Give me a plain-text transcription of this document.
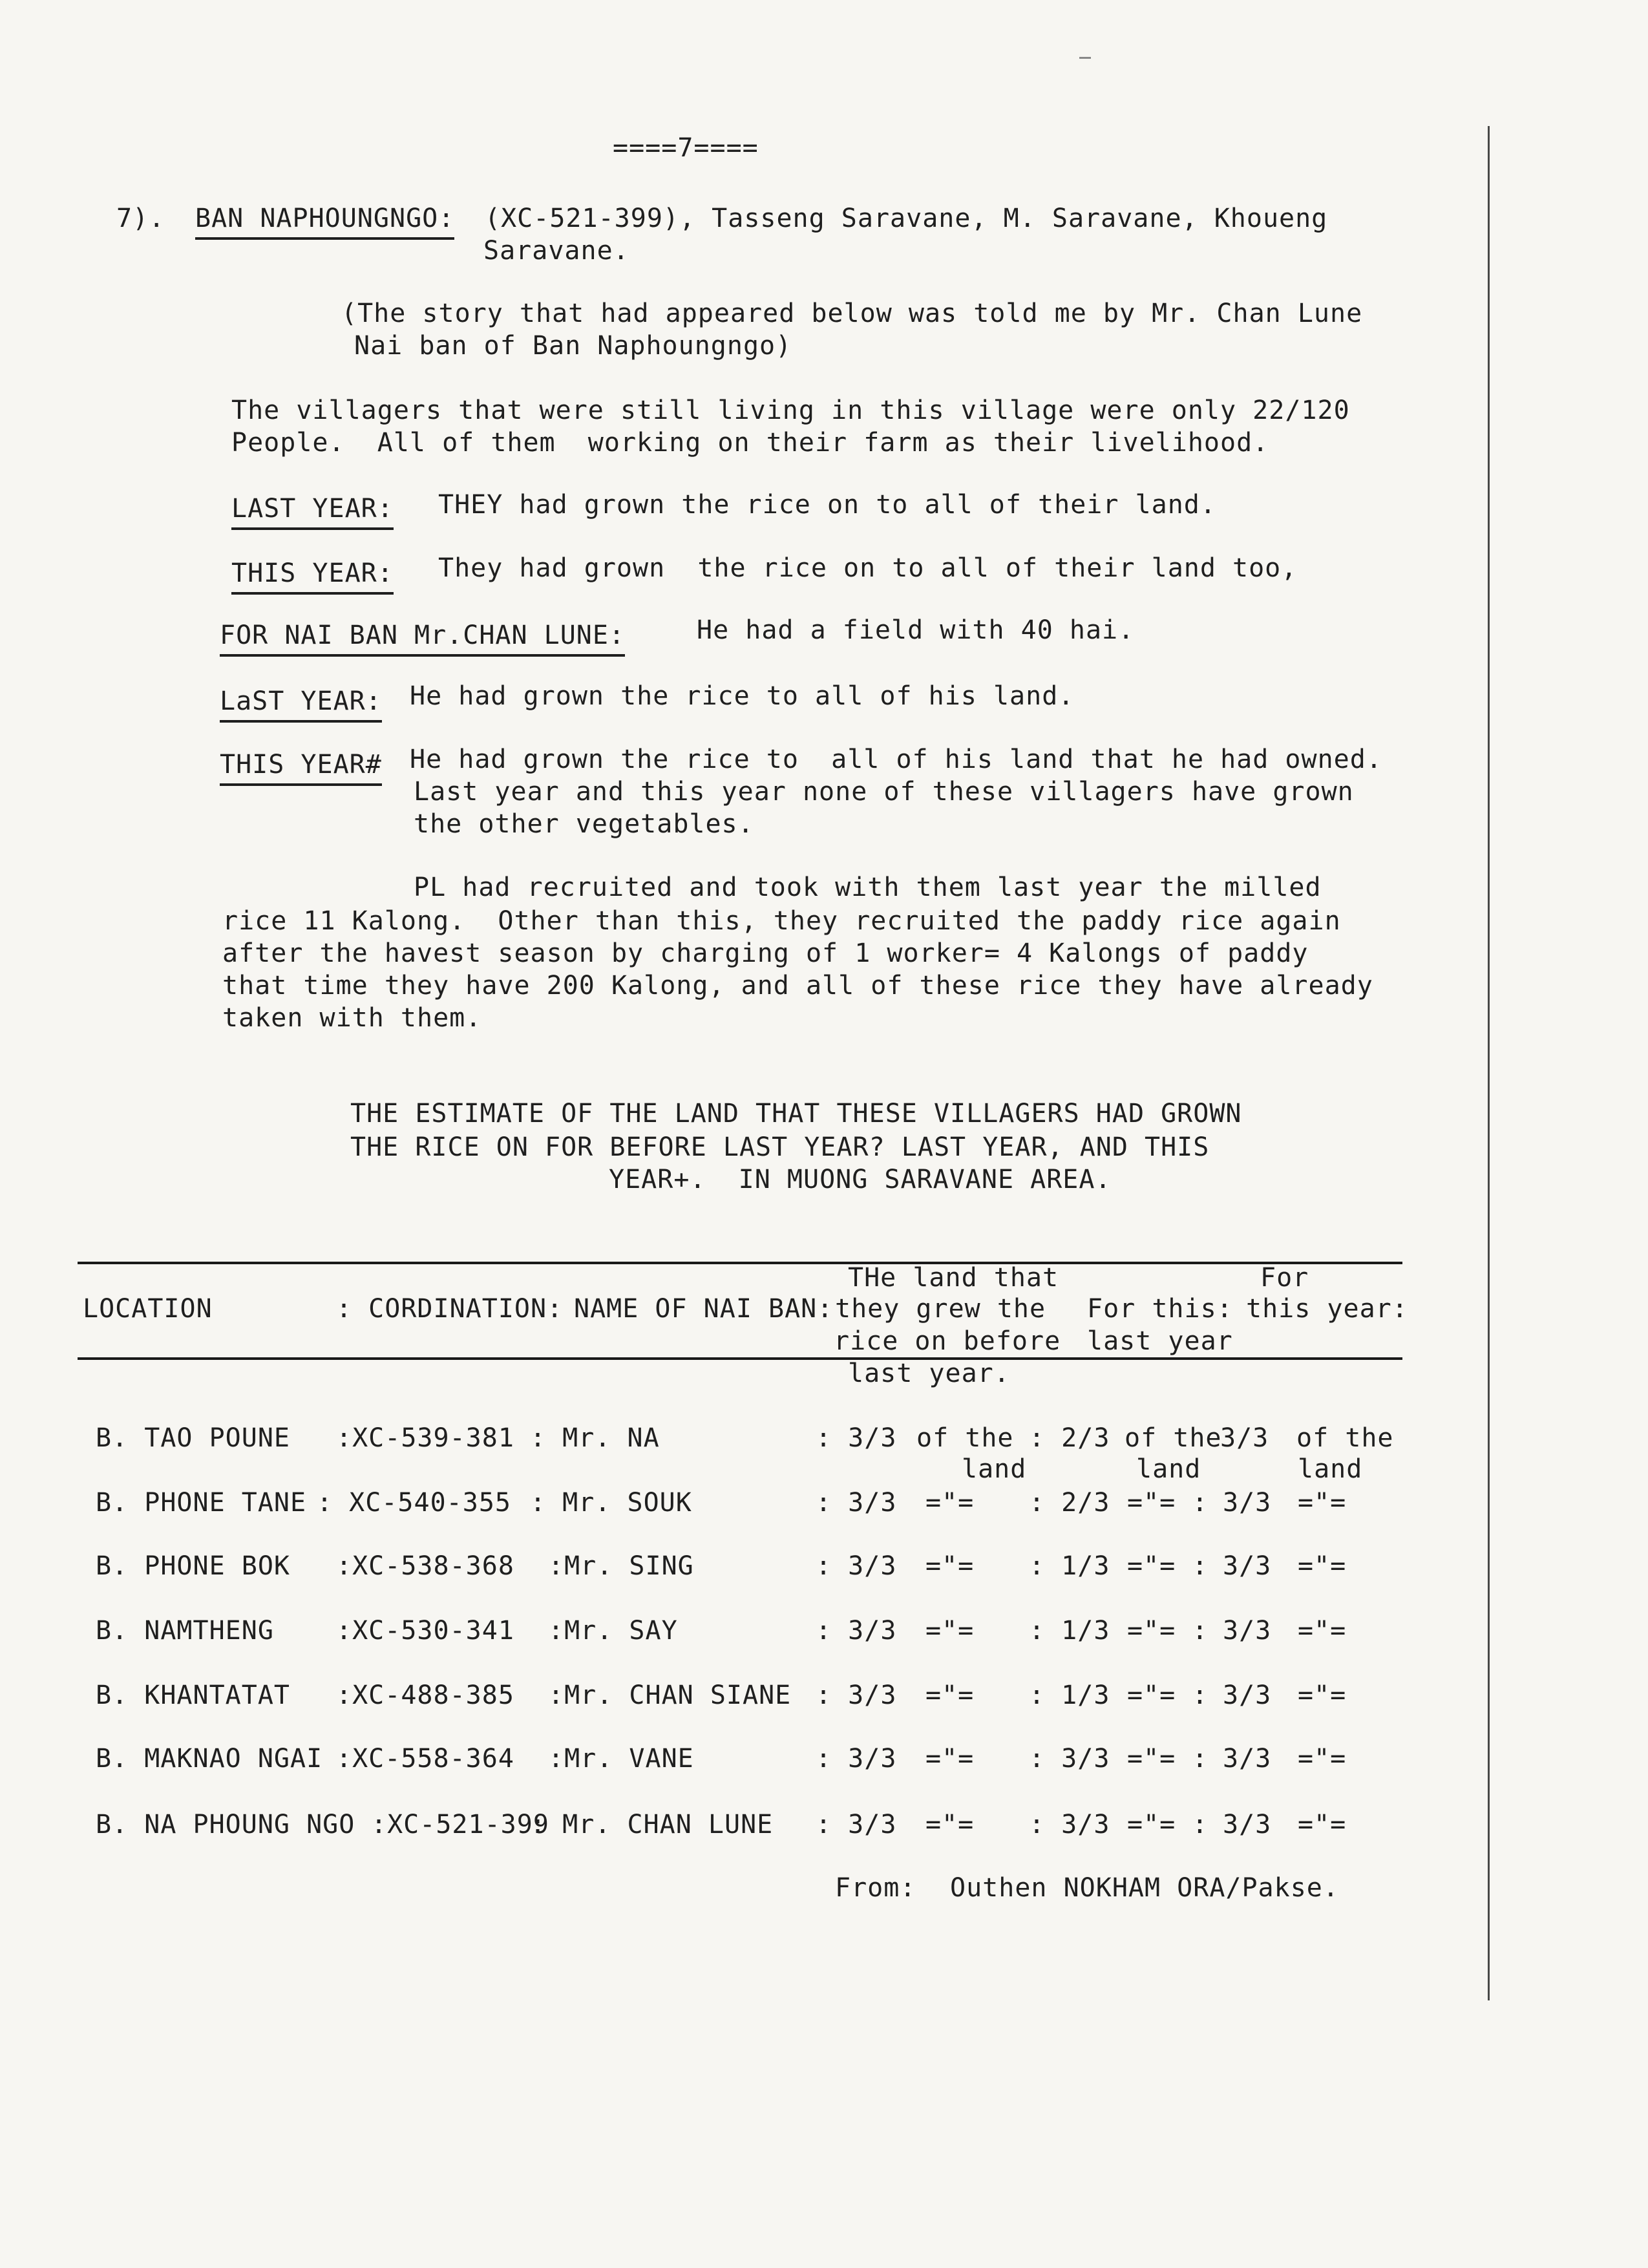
====7====
7). BAN NAPHOUNGNGO: (XC-521-399), Tasseng Saravane, M. Saravane, Khoueng
Saravane.
(The story that had appeared below was told me by Mr. Chan Lune
Nai ban of Ban Naphoungngo)
The villagers that were still living in this village were only 22/120
People.  All of them  working on their farm as their livelihood.
LAST YEAR: THEY had grown the rice on to all of their land.
THIS YEAR: They had grown  the rice on to all of their land too,
FOR NAI BAN Mr.CHAN LUNE:	He had a field with 40 hai.
LaST YEAR: He had grown the rice to all of his land.
THIS YEAR# He had grown the rice to  all of his land that he had owned.
Last year and this year none of these villagers have grown
the other vegetables.
PL had recruited and took with them last year the milled
rice 11 Kalong.  Other than this, they recruited the paddy rice again
after the havest season by charging of 1 worker= 4 Kalongs of paddy
that time they have 200 Kalong, and all of these rice they have already
taken with them.
THE ESTIMATE OF THE LAND THAT THESE VILLAGERS HAD GROWN
THE RICE ON FOR BEFORE LAST YEAR? LAST YEAR, AND THIS
YEAR+.  IN MUONG SARAVANE AREA.
LOCATION	: CORDINATION: NAME OF NAI BAN:
THe land that
they grew the
rice on before
last year.
For this:
last year
For
this year:
B. TAO POUNE :XC-539-381 : Mr. NA	: 3/3 of the : 2/3 of the
3/3 of the
land	land	land
B. PHONE TANE : XC-540-355 : Mr. SOUK	: 3/3 ="= : 2/3 ="= : 3/3 ="=
B. PHONE BOK :XC-538-368 :Mr. SING	: 3/3 ="= : 1/3 ="= : 3/3 ="=
B. NAMTHENG :XC-530-341 :Mr. SAY	: 3/3 ="= : 1/3 ="= : 3/3 ="=
B. KHANTATAT :XC-488-385 :Mr. CHAN SIANE : 3/3 ="= : 1/3 ="= : 3/3 ="=
B. MAKNAO NGAI :XC-558-364 :Mr. VANE	: 3/3 ="= : 3/3 ="= : 3/3 ="=
B. NA PHOUNG NGO :XC-521-399
: Mr. CHAN LUNE : 3/3 ="= : 3/3 ="= : 3/3 ="=
From: Outhen NOKHAM ORA/Pakse.
